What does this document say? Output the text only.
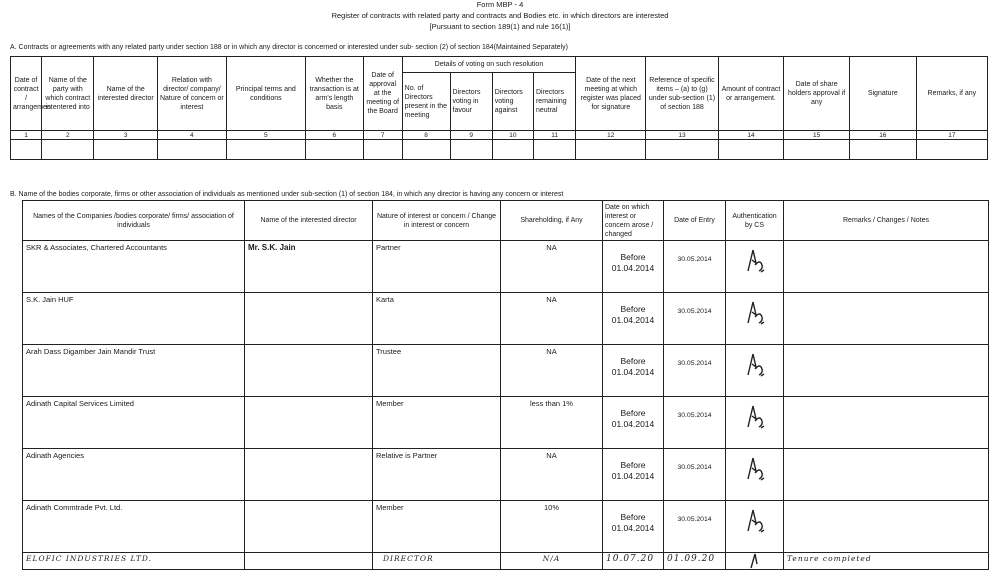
Form MBP - 4
Register of contracts with related party and contracts and Bodies etc. in which directors are interested
[Pursuant to section 189(1) and rule 16(1)]
A. Contracts or agreements with any related party under section 188 or in which any director is concerned or interested under sub- section (2) of section 184(Maintained Separately)
Date of contract / arrangement	Name of the party with which contract is entered into	Name of the interested director	Relation with director/ company/ Nature of concern or interest	Principal terms and conditions	Whether the transaction is at arm's length basis	Date of approval at the meeting of the Board	Details of voting on such resolution				Date of the next meeting at which register was placed for signature	Reference of specific items – (a) to (g) under sub-section (1) of section 188	Amount of contract or arrangement.	Date of share holders approval if any	Signature	Remarks, if any
							No. of Directors present in the meeting	Directors voting in favour	Directors voting against	Directors remaining neutral						
1	2	3	4	5	6	7	8	9	10	11	12	13	14	15	16	17

B. Name of the bodies corporate, firms or other association of individuals as mentioned under sub-section (1) of section 184, in which any director is having any concern or interest
Names of the Companies /bodies corporate/ firms/ association of individuals	Name of the interested director	Nature of interest or concern / Change in interest or concern	Shareholding, if Any	Date on which interest or concern arose / changed	Date of Entry	Authentication by CS	Remarks / Changes / Notes
SKR & Associates, Chartered Accountants	Mr. S.K. Jain	Partner	NA	Before 01.04.2014	30.05.2014	

S.K. Jain HUF		Karta	NA	Before 01.04.2014	30.05.2014	

Arah Dass Digamber Jain Mandir Trust		Trustee	NA	Before 01.04.2014	30.05.2014	

Adinath Capital Services Limited		Member	less than 1%	Before 01.04.2014	30.05.2014	

Adinath Agencies		Relative is Partner	NA	Before 01.04.2014	30.05.2014	

Adinath Commtrade Pvt. Ltd.		Member	10%	Before 01.04.2014	30.05.2014	

ELOFIC INDUSTRIES LTD.		DIRECTOR	N/A	10.07.20	01.09.20		Tenure completed
